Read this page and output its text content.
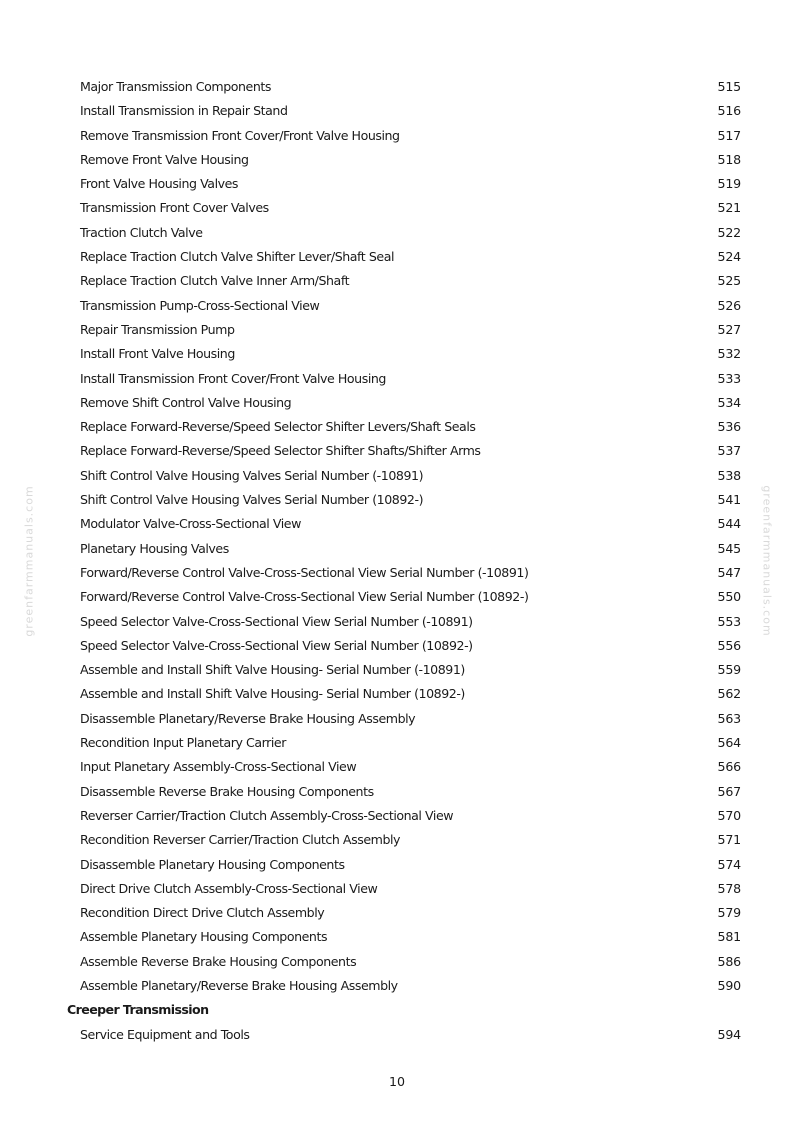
Major Transmission Components	515
Install Transmission in Repair Stand	516
Remove Transmission Front Cover/Front Valve Housing	517
Remove Front Valve Housing	518
Front Valve Housing Valves	519
Transmission Front Cover Valves	521
Traction Clutch Valve	522
Replace Traction Clutch Valve Shifter Lever/Shaft Seal	524
Replace Traction Clutch Valve Inner Arm/Shaft	525
Transmission Pump-Cross-Sectional View	526
Repair Transmission Pump	527
Install Front Valve Housing	532
Install Transmission Front Cover/Front Valve Housing	533
Remove Shift Control Valve Housing	534
Replace Forward-Reverse/Speed Selector Shifter Levers/Shaft Seals	536
Replace Forward-Reverse/Speed Selector Shifter Shafts/Shifter Arms	537
Shift Control Valve Housing Valves Serial Number (-10891)	538
Shift Control Valve Housing Valves Serial Number (10892-)	541
Modulator Valve-Cross-Sectional View	544
Planetary Housing Valves	545
Forward/Reverse Control Valve-Cross-Sectional View Serial Number (-10891)	547
Forward/Reverse Control Valve-Cross-Sectional View Serial Number (10892-)	550
Speed Selector Valve-Cross-Sectional View Serial Number (-10891)	553
Speed Selector Valve-Cross-Sectional View Serial Number (10892-)	556
Assemble and Install Shift Valve Housing- Serial Number (-10891)	559
Assemble and Install Shift Valve Housing- Serial Number (10892-)	562
Disassemble Planetary/Reverse Brake Housing Assembly	563
Recondition Input Planetary Carrier	564
Input Planetary Assembly-Cross-Sectional View	566
Disassemble Reverse Brake Housing Components	567
Reverser Carrier/Traction Clutch Assembly-Cross-Sectional View	570
Recondition Reverser Carrier/Traction Clutch Assembly	571
Disassemble Planetary Housing Components	574
Direct Drive Clutch Assembly-Cross-Sectional View	578
Recondition Direct Drive Clutch Assembly	579
Assemble Planetary Housing Components	581
Assemble Reverse Brake Housing Components	586
Assemble Planetary/Reverse Brake Housing Assembly	590
Creeper Transmission
Service Equipment and Tools	594
10
greenfarmmanuals.com	greenfarmmanuals.com
